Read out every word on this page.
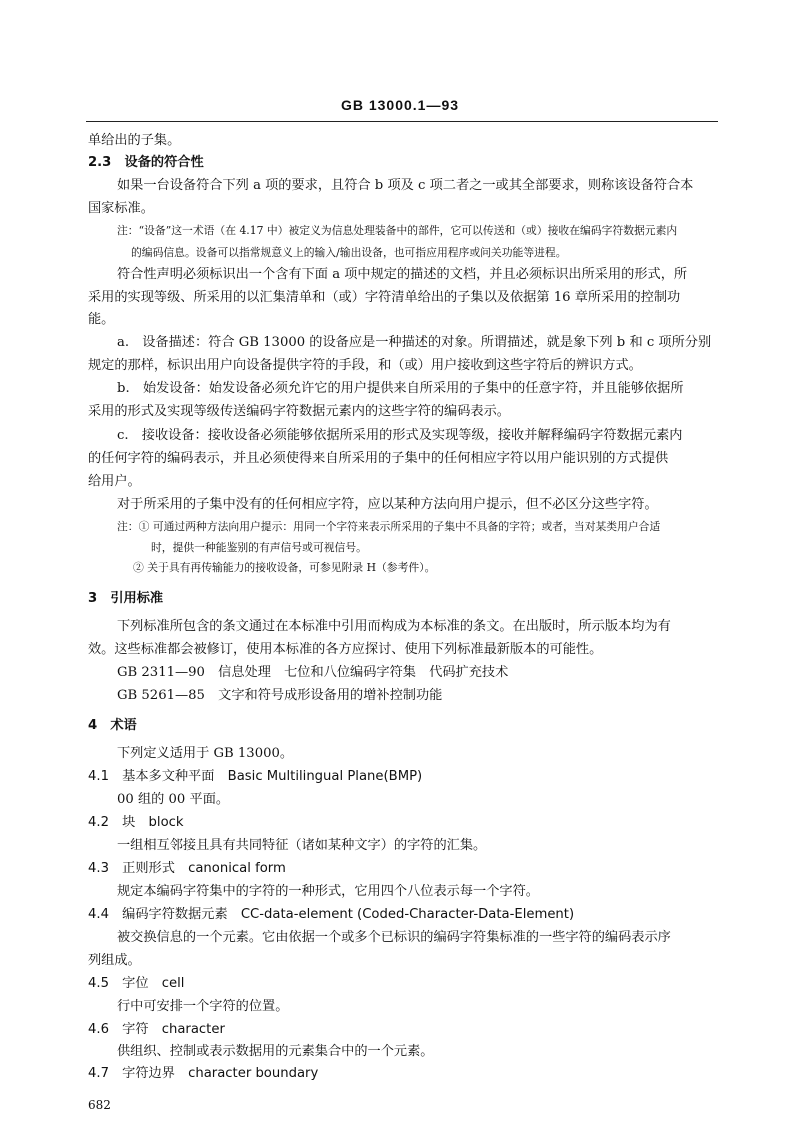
GB 13000.1—93
单给出的子集。
2.3　设备的符合性
如果一台设备符合下列 a 项的要求，且符合 b 项及 c 项二者之一或其全部要求，则称该设备符合本
国家标准。
注：“设备”这一术语（在 4.17 中）被定义为信息处理装备中的部件，它可以传送和（或）接收在编码字符数据元素内
的编码信息。设备可以指常规意义上的输入/输出设备，也可指应用程序或问关功能等进程。
符合性声明必须标识出一个含有下面 a 项中规定的描述的文档，并且必须标识出所采用的形式，所
采用的实现等级、所采用的以汇集清单和（或）字符清单给出的子集以及依据第 16 章所采用的控制功
能。
a.　设备描述：符合 GB 13000 的设备应是一种描述的对象。所谓描述，就是象下列 b 和 c 项所分别
规定的那样，标识出用户向设备提供字符的手段，和（或）用户接收到这些字符后的辨识方式。
b.　始发设备：始发设备必须允许它的用户提供来自所采用的子集中的任意字符，并且能够依据所
采用的形式及实现等级传送编码字符数据元素内的这些字符的编码表示。
c.　接收设备：接收设备必须能够依据所采用的形式及实现等级，接收并解释编码字符数据元素内
的任何字符的编码表示，并且必须使得来自所采用的子集中的任何相应字符以用户能识别的方式提供
给用户。
对于所采用的子集中没有的任何相应字符，应以某种方法向用户提示，但不必区分这些字符。
注：① 可通过两种方法向用户提示：用同一个字符来表示所采用的子集中不具备的字符；或者，当对某类用户合适
时，提供一种能鉴别的有声信号或可视信号。
② 关于具有再传输能力的接收设备，可参见附录 H（参考件）。
3　引用标准
下列标准所包含的条文通过在本标准中引用而构成为本标准的条文。在出版时，所示版本均为有
效。这些标准都会被修订，使用本标准的各方应探讨、使用下列标准最新版本的可能性。
GB 2311—90　信息处理　七位和八位编码字符集　代码扩充技术
GB 5261—85　文字和符号成形设备用的增补控制功能
4　术语
下列定义适用于 GB 13000。
4.1　基本多文种平面　Basic Multilingual Plane(BMP)
00 组的 00 平面。
4.2　块　block
一组相互邻接且具有共同特征（诸如某种文字）的字符的汇集。
4.3　正则形式　canonical form
规定本编码字符集中的字符的一种形式，它用四个八位表示每一个字符。
4.4　编码字符数据元素　CC-data-element (Coded-Character-Data-Element)
被交换信息的一个元素。它由依据一个或多个已标识的编码字符集标准的一些字符的编码表示序
列组成。
4.5　字位　cell
行中可安排一个字符的位置。
4.6　字符　character
供组织、控制或表示数据用的元素集合中的一个元素。
682
4.7　字符边界　character boundary
